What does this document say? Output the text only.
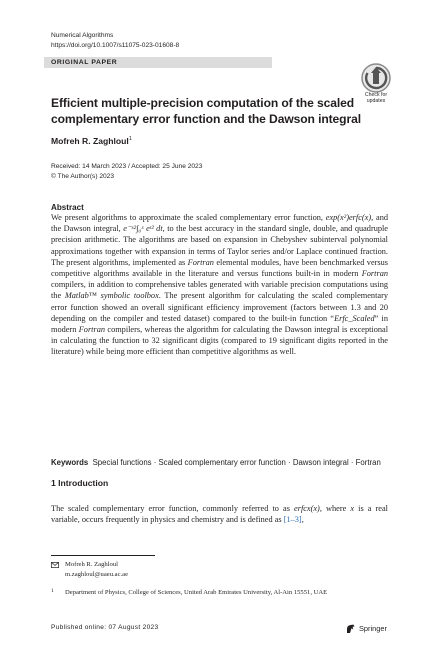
Numerical Algorithms
https://doi.org/10.1007/s11075-023-01608-8
ORIGINAL PAPER
Check for updates
Efficient multiple-precision computation of the scaled complementary error function and the Dawson integral
Mofreh R. Zaghloul$^1$
Received: 14 March 2023 / Accepted: 25 June 2023
© The Author(s) 2023
Abstract
We present algorithms to approximate the scaled complementary error function, exp(x²)erfc(x), and the Dawson integral, e⁻ˣ²∫₀ˣ eᵗ² dt, to the best accuracy in the standard single, double, and quadruple precision arithmetic. The algorithms are based on expansion in Chebyshev subinterval polynomial approximations together with expansion in terms of Taylor series and/or Laplace continued fraction. The present algorithms, implemented as Fortran elemental modules, have been benchmarked versus competitive algorithms available in the literature and versus functions built-in in modern Fortran compilers, in addition to comprehensive tables generated with variable precision computations using the Matlab™ symbolic toolbox. The present algorithm for calculating the scaled complementary error function showed an overall significant efficiency improvement (factors between 1.3 and 20 depending on the compiler and tested dataset) compared to the built-in function “Erfc_Scaled” in modern Fortran compilers, whereas the algorithm for calculating the Dawson integral is exceptional in calculating the function to 32 significant digits (compared to 19 significant digits reported in the literature) while being more efficient than competitive algorithms as well.
Keywords Special functions · Scaled complementary error function · Dawson integral · Fortran
1 Introduction
The scaled complementary error function, commonly referred to as erfcx(x), where x is a real variable, occurs frequently in physics and chemistry and is defined as [1–3],
Mofreh R. Zaghloul
m.zaghloul@uaeu.ac.ae
1 Department of Physics, College of Sciences, United Arab Emirates University, Al-Ain 15551, UAE
Published online: 07 August 2023	Springer
